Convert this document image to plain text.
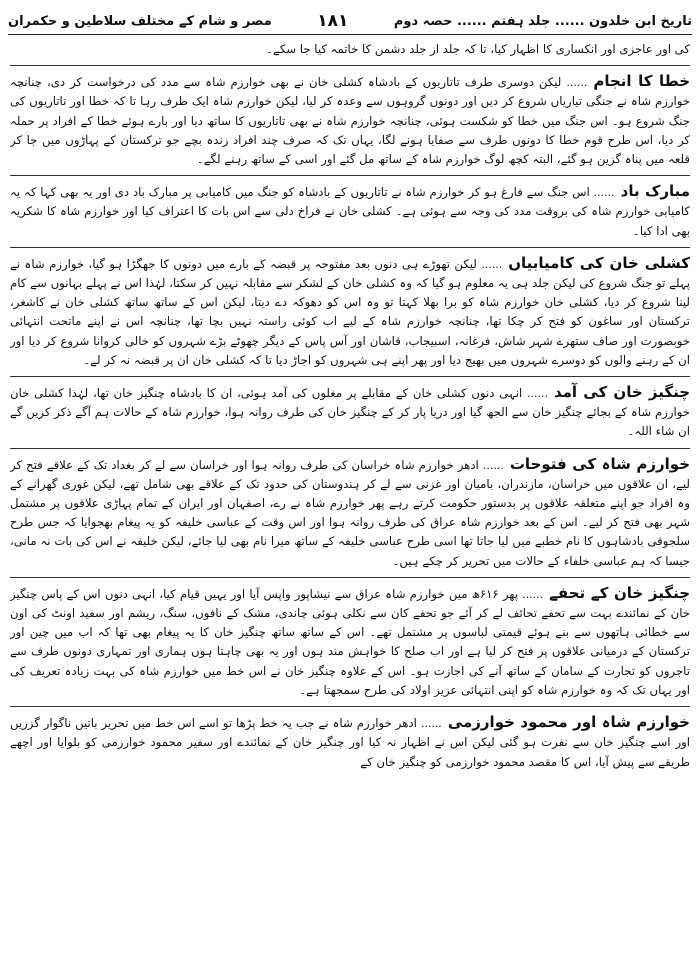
تاریخ ابن خلدون ...... جلد ہفتم ...... حصہ دوم
۱۸۱
مصر و شام کے مختلف سلاطین و حکمران

کی اور عاجزی اور انکساری کا اظہار کیا، تا کہ جلد از جلد دشمن کا خاتمہ کیا جا سکے۔

خطا کا انجام...... لیکن دوسری طرف تاتاریوں کے بادشاہ کشلی خان نے بھی خوارزم شاہ سے مدد کی درخواست کر دی، چنانچہ خوارزم شاہ نے جنگی تیاریاں شروع کر دیں اور دونوں گروہوں سے وعدہ کر لیا، لیکن خوارزم شاہ ایک طرف رہا تا کہ خطا اور تاتاریوں کی جنگ شروع ہو۔ اس جنگ میں خطا کو شکست ہوئی، چنانچہ خوارزم شاہ نے بھی تاتاریوں کا ساتھ دیا اور بارے ہوئے خطا کے افراد پر حملہ کر دیا، اس طرح قوم خطا کا دونوں طرف سے صفایا ہونے لگا، یہاں تک کہ صرف چند افراد زندہ بچے جو ترکستان کے پہاڑوں میں جا کر قلعہ میں پناہ گزین ہو گئے، البتہ کچھ لوگ خوارزم شاہ کے ساتھ مل گئے اور اسی کے ساتھ رہنے لگے۔

مبارک باد...... اس جنگ سے فارغ ہو کر خوارزم شاہ نے تاتاریوں کے بادشاہ کو جنگ میں کامیابی پر مبارک باد دی اور یہ بھی کہا کہ یہ کامیابی خوارزم شاہ کی بروقت مدد کی وجہ سے ہوئی ہے۔ کشلی خان نے فراخ دلی سے اس بات کا اعتراف کیا اور خوارزم شاہ کا شکریہ بھی ادا کیا۔

کشلی خان کی کامیابیاں...... لیکن تھوڑے ہی دنوں بعد مفتوحہ پر قبضہ کے بارے میں دونوں کا جھگڑا ہو گیا، خوارزم شاہ نے پہلے تو جنگ شروع کی لیکن جلد ہی یہ معلوم ہو گیا کہ وہ کشلی خان کے لشکر سے مقابلہ نہیں کر سکتا، لہٰذا اس نے پہلے بہانوں سے کام لینا شروع کر دیا، کشلی خان خوارزم شاہ کو برا بھلا کہتا تو وہ اس کو دھوکہ دے دیتا، لیکن اس کے ساتھ ساتھ کشلی خان نے کاشغر، ترکستان اور ساغون کو فتح کر چکا تھا، چنانچہ خوارزم شاہ کے لیے اب کوئی راستہ نہیں بچا تھا، چنانچہ اس نے اپنے ماتحت انتہائی خوبصورت اور صاف ستھرے شہر شاش، فرغانہ، اسبیجاب، قاشان اور آس پاس کے دیگر چھوٹے بڑے شہروں کو خالی کروانا شروع کر دیا اور ان کے رہنے والوں کو دوسرے شہروں میں بھیج دیا اور پھر اپنے ہی شہروں کو اجاڑ دیا تا کہ کشلی خان ان پر قبضہ نہ کر لے۔

چنگیز خان کی آمد...... انہی دنوں کشلی خان کے مقابلے پر مغلوں کی آمد ہوئی، ان کا بادشاہ چنگیز خان تھا، لہٰذا کشلی خان خوارزم شاہ کے بجائے چنگیز خان سے الجھ گیا اور دریا پار کر کے چنگیز خان کی طرف روانہ ہوا، خوارزم شاہ کے حالات ہم آگے ذکر کریں گے ان شاء اللہ۔

خوارزم شاہ کی فتوحات...... ادھر خوارزم شاہ خراسان کی طرف روانہ ہوا اور خراسان سے لے کر بغداد تک کے علاقے فتح کر لیے، ان علاقوں میں خراسان، مازندران، بامیان اور غزنی سے لے کر ہندوستان کی حدود تک کے علاقے بھی شامل تھے، لیکن غوری گھرانے کے وہ افراد جو اپنے متعلقہ علاقوں پر بدستور حکومت کرتے رہے پھر خوارزم شاہ نے رے، اصفہان اور ایران کے تمام پہاڑی علاقوں پر مشتمل شہر بھی فتح کر لیے۔ اس کے بعد خوارزم شاہ عراق کی طرف روانہ ہوا اور اس وقت کے عباسی خلیفہ کو یہ پیغام بھجوایا کہ جس طرح سلجوقی بادشاہوں کا نام خطبے میں لیا جاتا تھا اسی طرح عباسی خلیفہ کے ساتھ میرا نام بھی لیا جائے، لیکن خلیفہ نے اس کی بات نہ مانی، جیسا کہ ہم عباسی خلفاء کے حالات میں تحریر کر چکے ہیں۔

چنگیز خان کے تحفے...... پھر ۶۱۶ھ میں خوارزم شاہ عراق سے نیشاپور واپس آیا اور یہیں قیام کیا، انہی دنوں اس کے پاس چنگیز خان کے نمائندے بہت سے تحفے تحائف لے کر آئے جو تحفے کان سے نکلی ہوئی چاندی، مشک کے نافوں، سنگ، ریشم اور سفید اونٹ کی اون سے خطائی ہاتھوں سے بنے ہوئے قیمتی لباسوں پر مشتمل تھے۔ اس کے ساتھ ساتھ چنگیز خان کا یہ پیغام بھی تھا کہ اب میں چین اور ترکستان کے درمیانی علاقوں پر فتح کر لیا ہے اور اب صلح کا خواہش مند ہوں اور یہ بھی چاہتا ہوں ہماری اور تمہاری دونوں طرف سے تاجروں کو تجارت کے سامان کے ساتھ آنے کی اجازت ہو۔ اس کے علاوہ چنگیز خان نے اس خط میں خوارزم شاہ کی بہت زیادہ تعریف کی اور یہاں تک کہ وہ خوارزم شاہ کو اپنی انتہائی عزیز اولاد کی طرح سمجھتا ہے۔

خوارزم شاہ اور محمود خوارزمی...... ادھر خوارزم شاہ نے جب یہ خط پڑھا تو اسے اس خط میں تحریر باتیں ناگوار گزریں اور اسے چنگیز خان سے نفرت ہو گئی لیکن اس نے اظہار نہ کیا اور چنگیز خان کے نمائندے اور سفیر محمود خوارزمی کو بلوایا اور اچھے طریقے سے پیش آیا، اس کا مقصد محمود خوارزمی کو چنگیز خان کے
